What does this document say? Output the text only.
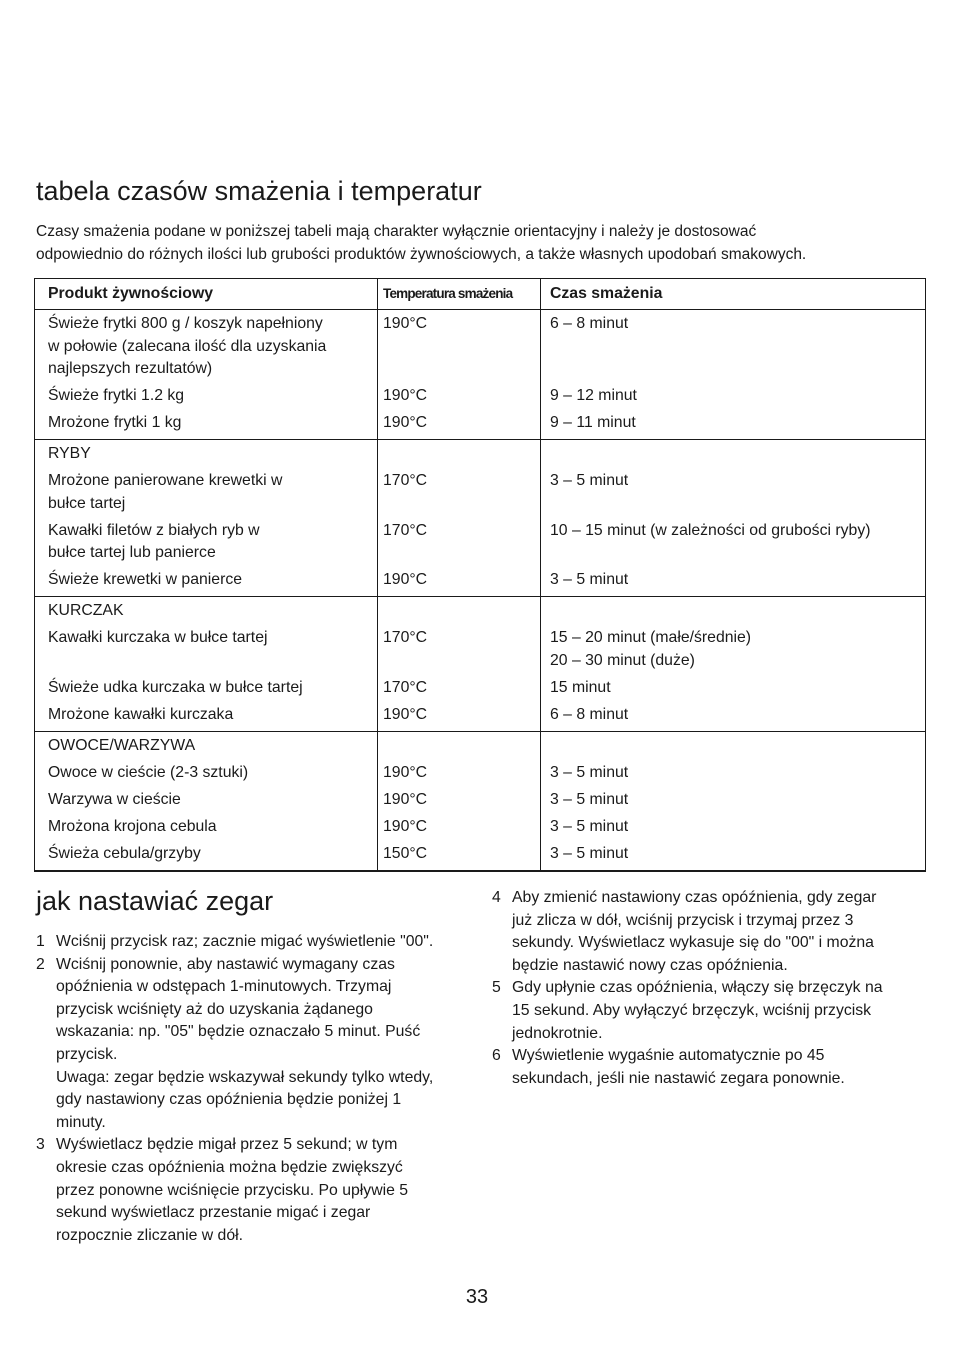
tabela czasów smażenia i temperatur
Czasy smażenia podane w poniższej tabeli mają charakter wyłącznie orientacyjny i należy je dostosować
odpowiednio do różnych ilości lub grubości produktów żywnościowych, a także własnych upodobań smakowych.
Produkt żywnościowy	Temperatura smażenia	Czas smażenia

Świeże frytki 800 g / koszyk napełniony
w połowie (zalecana ilość dla uzyskania
najlepszych rezultatów)	190°C	6 – 8 minut

Świeże frytki 1.2 kg	190°C	9 – 12 minut

Mrożone frytki 1 kg	190°C	9 – 11 minut

RYBY		

Mrożone panierowane krewetki w
bułce tartej	170°C	3 – 5 minut

Kawałki filetów z białych ryb w
bułce tartej lub panierce	170°C	10 – 15 minut (w zależności od grubości ryby)

Świeże krewetki w panierce	190°C	3 – 5 minut

KURCZAK		

Kawałki kurczaka w bułce tartej	170°C	15 – 20 minut (małe/średnie)
20 – 30 minut (duże)

Świeże udka kurczaka w bułce tartej	170°C	15 minut

Mrożone kawałki kurczaka	190°C	6 – 8 minut

OWOCE/WARZYWA		

Owoce w cieście (2-3 sztuki)	190°C	3 – 5 minut

Warzywa w cieście	190°C	3 – 5 minut

Mrożona krojona cebula	190°C	3 – 5 minut

Świeża cebula/grzyby	150°C	3 – 5 minut
jak nastawiać zegar
1 Wciśnij przycisk raz; zacznie migać wyświetlenie "00".
2 Wciśnij ponownie, aby nastawić wymagany czas
opóźnienia w odstępach 1-minutowych. Trzymaj
przycisk wciśnięty aż do uzyskania żądanego
wskazania: np. "05" będzie oznaczało 5 minut. Puść
przycisk.
Uwaga: zegar będzie wskazywał sekundy tylko wtedy,
gdy nastawiony czas opóźnienia będzie poniżej 1
minuty.
3 Wyświetlacz będzie migał przez 5 sekund; w tym
okresie czas opóźnienia można będzie zwiększyć
przez ponowne wciśnięcie przycisku. Po upływie 5
sekund wyświetlacz przestanie migać i zegar
rozpocznie zliczanie w dół.
4 Aby zmienić nastawiony czas opóźnienia, gdy zegar
już zlicza w dół, wciśnij przycisk i trzymaj przez 3
sekundy. Wyświetlacz wykasuje się do "00" i można
będzie nastawić nowy czas opóźnienia.
5 Gdy upłynie czas opóźnienia, włączy się brzęczyk na
15 sekund. Aby wyłączyć brzęczyk, wciśnij przycisk
jednokrotnie.
6 Wyświetlenie wygaśnie automatycznie po 45
sekundach, jeśli nie nastawić zegara ponownie.
33
